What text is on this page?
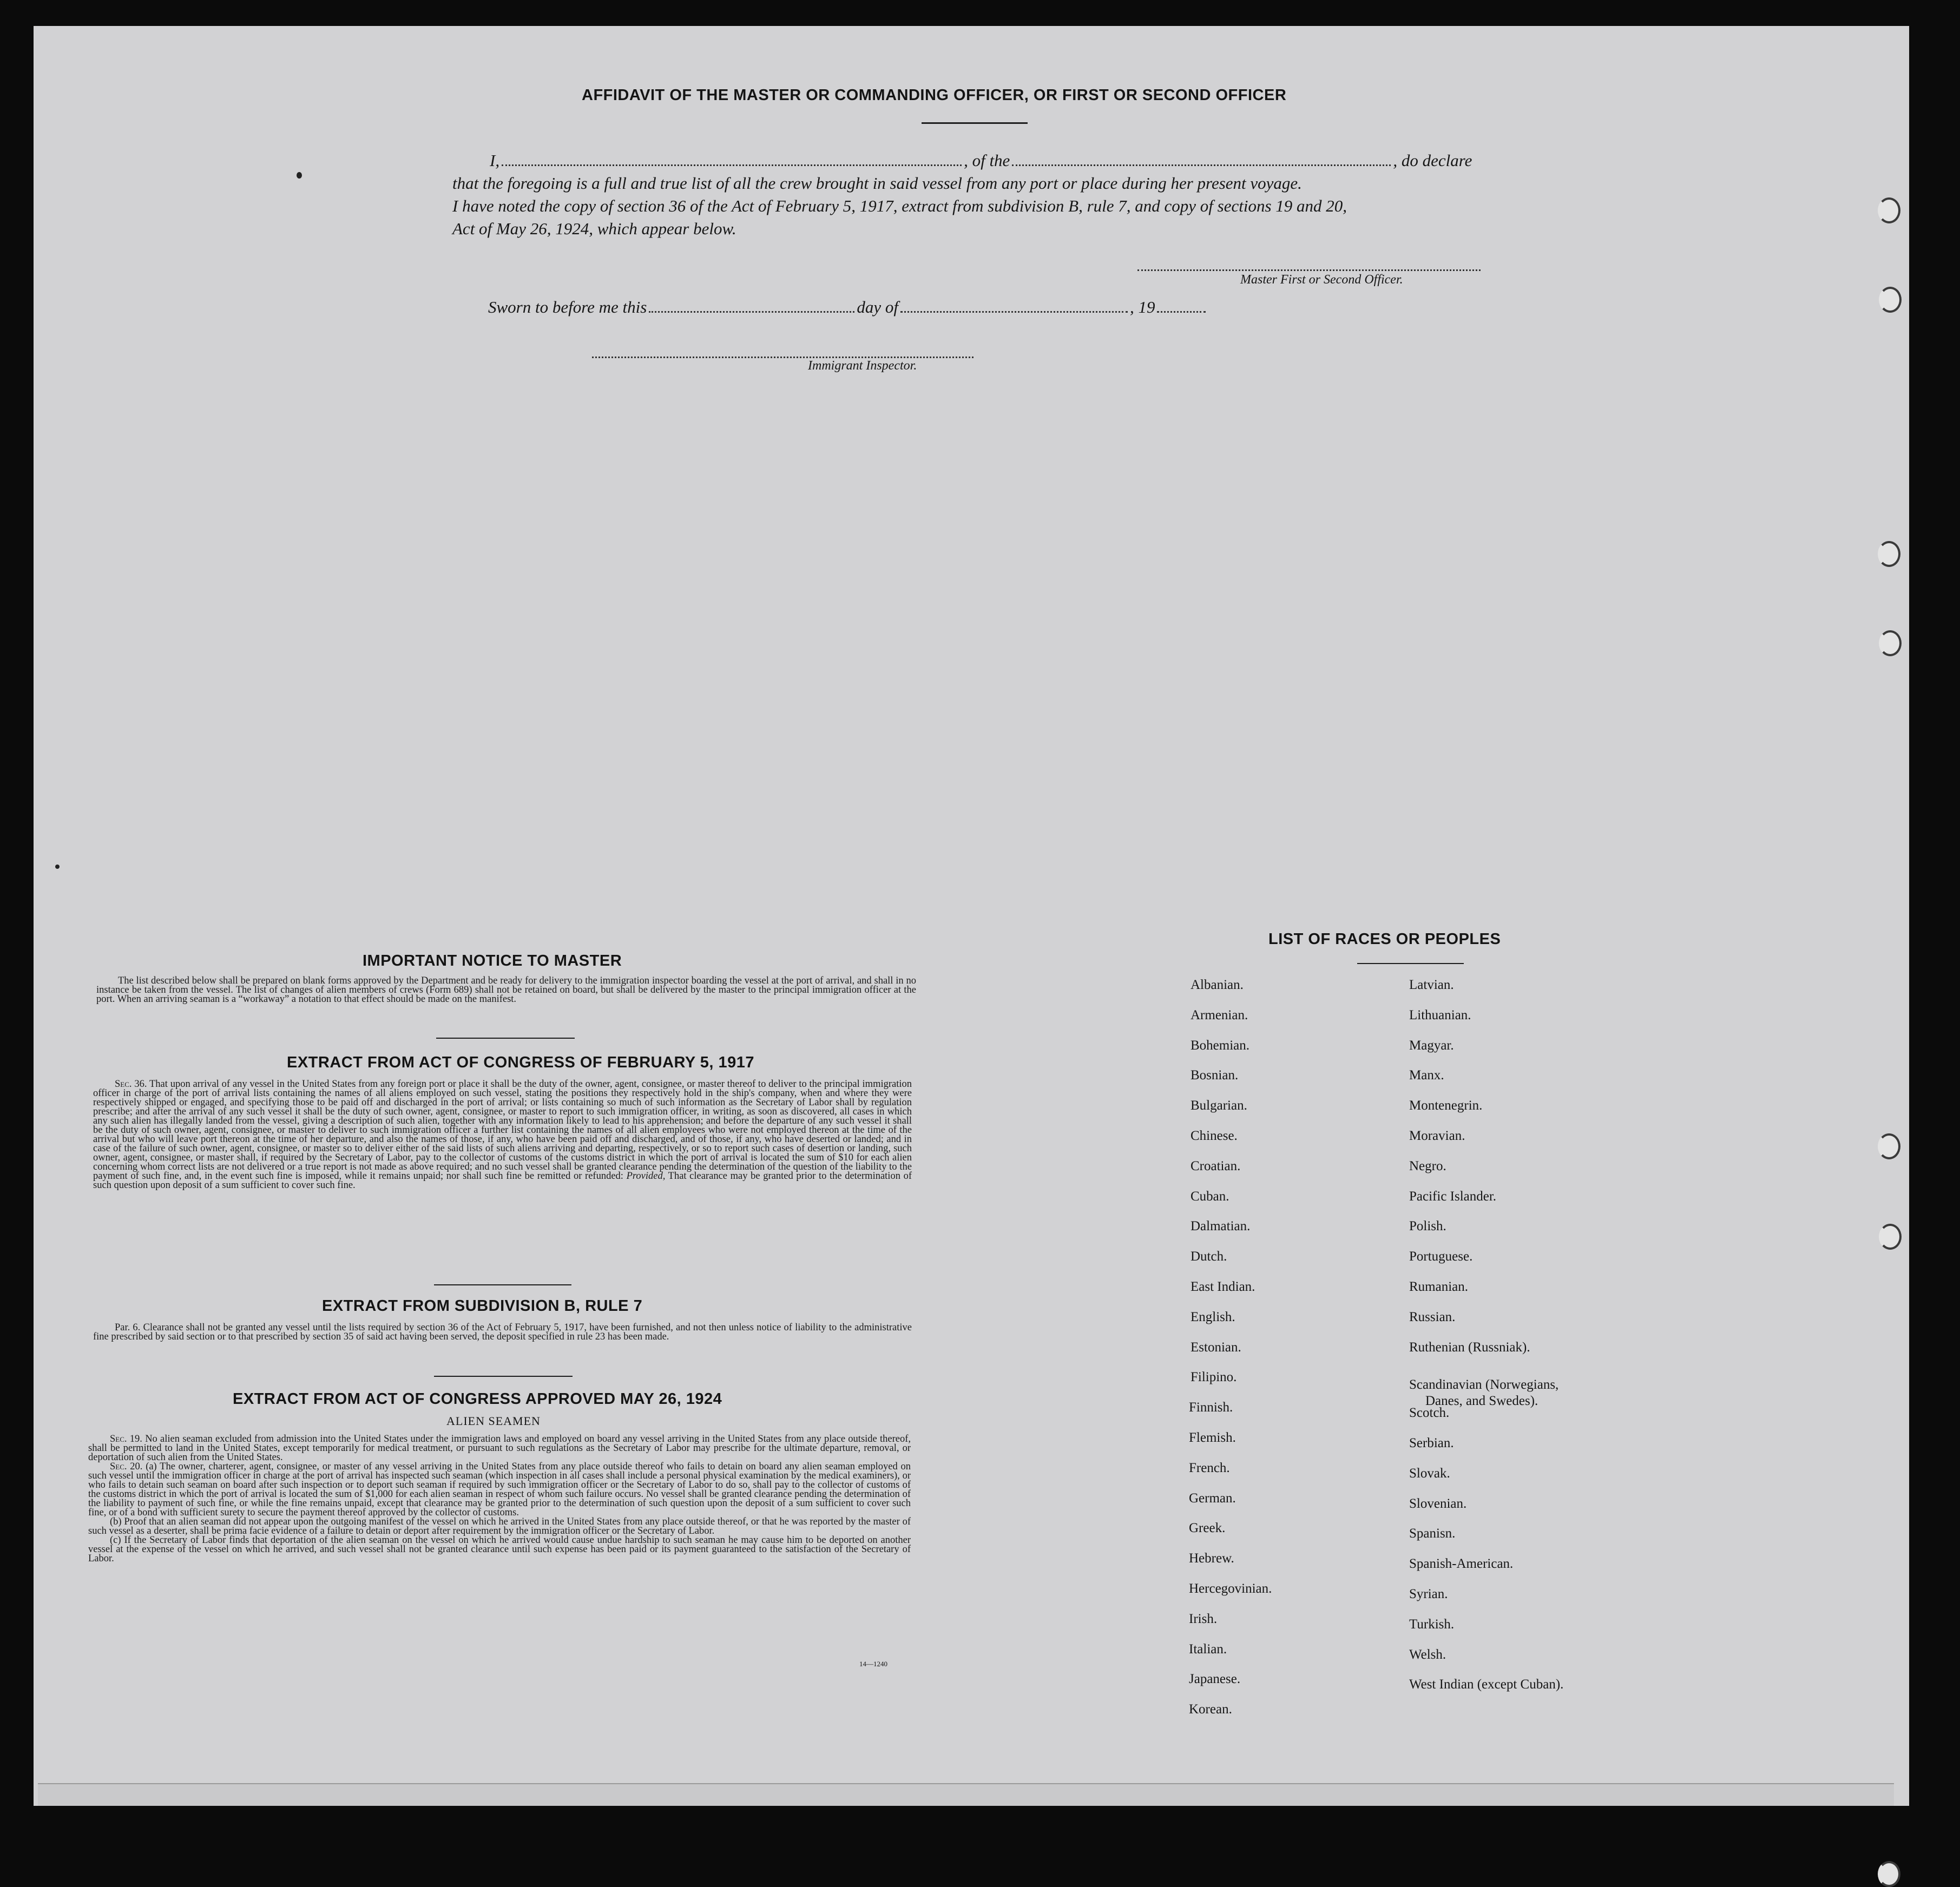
AFFIDAVIT OF THE MASTER OR COMMANDING OFFICER, OR FIRST OR SECOND OFFICER
I,	, of the	, do declare
that the foregoing is a full and true list of all the crew brought in said vessel from any port or place during her present voyage.
I have noted the copy of section 36 of the Act of February 5, 1917, extract from subdivision B, rule 7, and copy of sections 19 and 20,
Act of May 26, 1924, which appear below.
Master First or Second Officer.
Sworn to before me this	day of	, 19
Immigrant Inspector.
IMPORTANT NOTICE TO MASTER

The list described below shall be prepared on blank forms approved by the Department and be ready for delivery to the immigration inspector boarding the vessel at the port of arrival, and shall in no instance be taken from the vessel. The list of changes of alien members of crews (Form 689) shall not be retained on board, but shall be delivered by the master to the principal immigration officer at the port. When an arriving seaman is a “workaway” a notation to that effect should be made on the manifest.

EXTRACT FROM ACT OF CONGRESS OF FEBRUARY 5, 1917

Sec. 36. That upon arrival of any vessel in the United States from any foreign port or place it shall be the duty of the owner, agent, consignee, or master thereof to deliver to the principal immigration officer in charge of the port of arrival lists containing the names of all aliens employed on such vessel, stating the positions they respectively hold in the ship's company, when and where they were respectively shipped or engaged, and specifying those to be paid off and discharged in the port of arrival; or lists containing so much of such information as the Secretary of Labor shall by regulation prescribe; and after the arrival of any such vessel it shall be the duty of such owner, agent, consignee, or master to report to such immigration officer, in writing, as soon as discovered, all cases in which any such alien has illegally landed from the vessel, giving a description of such alien, together with any information likely to lead to his apprehension; and before the departure of any such vessel it shall be the duty of such owner, agent, consignee, or master to deliver to such immigration officer a further list containing the names of all alien employees who were not employed thereon at the time of the arrival but who will leave port thereon at the time of her departure, and also the names of those, if any, who have been paid off and discharged, and of those, if any, who have deserted or landed; and in case of the failure of such owner, agent, consignee, or master so to deliver either of the said lists of such aliens arriving and departing, respectively, or so to report such cases of desertion or landing, such owner, agent, consignee, or master shall, if required by the Secretary of Labor, pay to the collector of customs of the customs district in which the port of arrival is located the sum of $10 for each alien concerning whom correct lists are not delivered or a true report is not made as above required; and no such vessel shall be granted clearance pending the determination of the question of the liability to the payment of such fine, and, in the event such fine is imposed, while it remains unpaid; nor shall such fine be remitted or refunded: Provided, That clearance may be granted prior to the determination of such question upon deposit of a sum sufficient to cover such fine.

EXTRACT FROM SUBDIVISION B, RULE 7

Par. 6. Clearance shall not be granted any vessel until the lists required by section 36 of the Act of February 5, 1917, have been furnished, and not then unless notice of liability to the administrative fine prescribed by said section or to that prescribed by section 35 of said act having been served, the deposit specified in rule 23 has been made.

EXTRACT FROM ACT OF CONGRESS APPROVED MAY 26, 1924
ALIEN SEAMEN

Sec. 19. No alien seaman excluded from admission into the United States under the immigration laws and employed on board any vessel arriving in the United States from any place outside thereof, shall be permitted to land in the United States, except temporarily for medical treatment, or pursuant to such regulations as the Secretary of Labor may prescribe for the ultimate departure, removal, or deportation of such alien from the United States.

Sec. 20. (a) The owner, charterer, agent, consignee, or master of any vessel arriving in the United States from any place outside thereof who fails to detain on board any alien seaman employed on such vessel until the immigration officer in charge at the port of arrival has inspected such seaman (which inspection in all cases shall include a personal physical examination by the medical examiners), or who fails to detain such seaman on board after such inspection or to deport such seaman if required by such immigration officer or the Secretary of Labor to do so, shall pay to the collector of customs of the customs district in which the port of arrival is located the sum of $1,000 for each alien seaman in respect of whom such failure occurs. No vessel shall be granted clearance pending the determination of the liability to payment of such fine, or while the fine remains unpaid, except that clearance may be granted prior to the determination of such question upon the deposit of a sum sufficient to cover such fine, or of a bond with sufficient surety to secure the payment thereof approved by the collector of customs.

(b) Proof that an alien seaman did not appear upon the outgoing manifest of the vessel on which he arrived in the United States from any place outside thereof, or that he was reported by the master of such vessel as a deserter, shall be prima facie evidence of a failure to detain or deport after requirement by the immigration officer or the Secretary of Labor.

(c) If the Secretary of Labor finds that deportation of the alien seaman on the vessel on which he arrived would cause undue hardship to such seaman he may cause him to be deported on another vessel at the expense of the vessel on which he arrived, and such vessel shall not be granted clearance until such expense has been paid or its payment guaranteed to the satisfaction of the Secretary of Labor.

14—1240
LIST OF RACES OR PEOPLES
Albanian.
Armenian.
Bohemian.
Bosnian.
Bulgarian.
Chinese.
Croatian.
Cuban.
Dalmatian.
Dutch.
East Indian.
English.
Estonian.
Filipino.
Finnish.
Flemish.
French.
German.
Greek.
Hebrew.
Hercegovinian.
Irish.
Italian.
Japanese.
Korean.
Latvian.
Lithuanian.
Magyar.
Manx.
Montenegrin.
Moravian.
Negro.
Pacific Islander.
Polish.
Portuguese.
Rumanian.
Russian.
Ruthenian (Russniak).
Scandinavian (Norwegians,
Danes, and Swedes).
Scotch.
Serbian.
Slovak.
Slovenian.
Spanisn.
Spanish-American.
Syrian.
Turkish.
Welsh.
West Indian (except Cuban).
